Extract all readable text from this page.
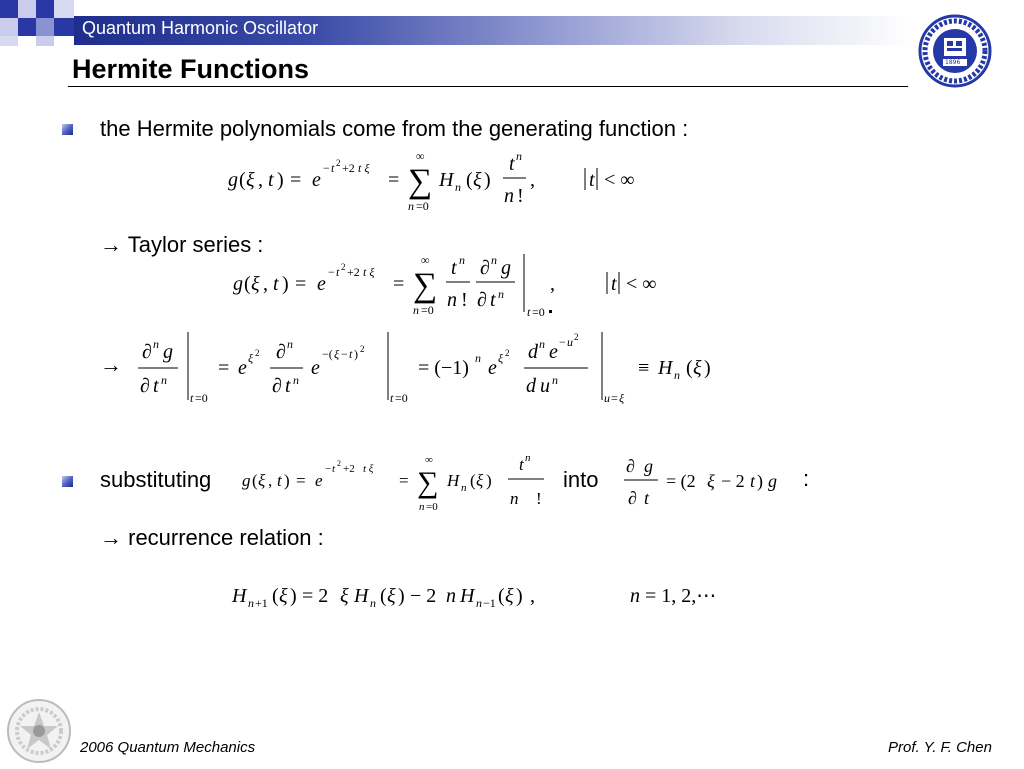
Quantum Harmonic Oscillator
1896
Hermite Functions
the Hermite polynomials come from the generating function :
g ( ξ , t ) = e
− t 2 +2 t ξ
= ∑
∞
n =0
H n ( ξ )
t n
n !
,	t < ∞
→ Taylor series :
g ( ξ , t ) = e
− t 2 +2 t ξ
= ∑
∞
n =0
t n
n !
∂ n g
∂ t n
t =0
,	t < ∞
→ ∂ n g
∂ t n
t =0
= e ξ 2 ∂ n
∂ t n
e
−( ξ − t ) 2
t =0
= (−1) n e ξ 2 d n e − u 2
d u n
u = ξ
≡ H n ( ξ )
substituting g ( ξ , t ) = e
− t 2 +2 t ξ
= ∑
∞
n =0
H n ( ξ )
t n
n !
into
∂ g
∂ t
= (2 ξ − 2 t ) g :
→ recurrence relation :
H n +1 ( ξ ) = 2 ξ H n ( ξ ) − 2 n H n −1 ( ξ ) ,	n = 1, 2,⋯
2006 Quantum Mechanics	Prof. Y. F. Chen
